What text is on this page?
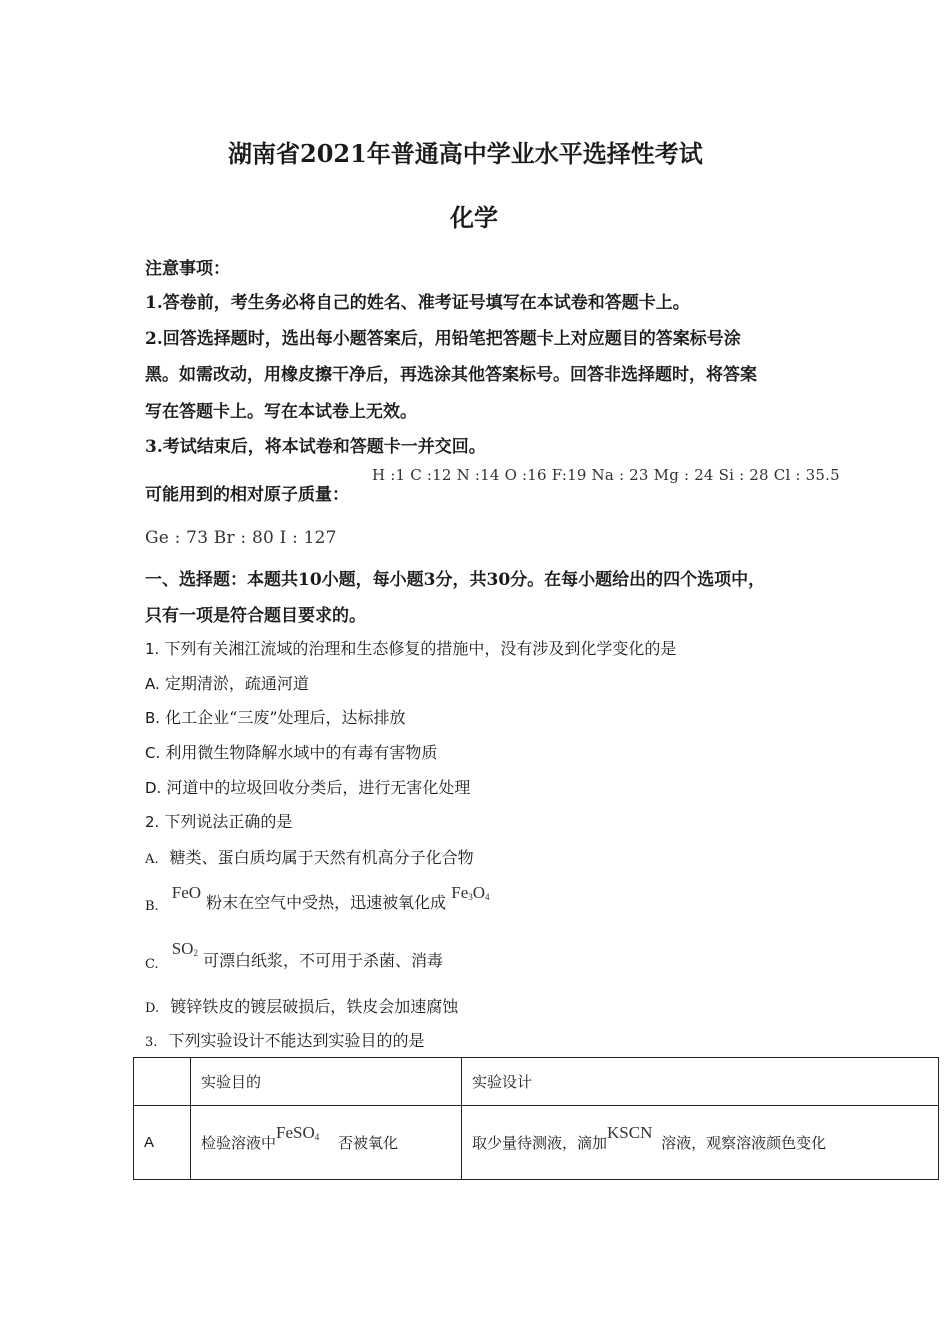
湖南省2021年普通高中学业水平选择性考试
化学
注意事项：
1.答卷前，考生务必将自己的姓名、准考证号填写在本试卷和答题卡上。
2.回答选择题时，选出每小题答案后，用铅笔把答题卡上对应题目的答案标号涂
黑。如需改动，用橡皮擦干净后，再选涂其他答案标号。回答非选择题时，将答案
写在答题卡上。写在本试卷上无效。
3.考试结束后，将本试卷和答题卡一并交回。
可能用到的相对原子质量：
H :1 C :12 N :14 O :16 F:19 Na : 23 Mg : 24 Si : 28 Cl : 35.5
Ge : 73 Br : 80 I : 127
一、选择题：本题共10小题，每小题3分，共30分。在每小题给出的四个选项中，
只有一项是符合题目要求的。
1. 下列有关湘江流域的治理和生态修复的措施中，没有涉及到化学变化的是
A. 定期清淤，疏通河道
B. 化工企业“三废”处理后，达标排放
C. 利用微生物降解水域中的有毒有害物质
D. 河道中的垃圾回收分类后，进行无害化处理
2. 下列说法正确的是
A. 糖类、蛋白质均属于天然有机高分子化合物
$_{B.}$ FeO 粉末在空气中受热，迅速被氧化成 $Fe_3O_4$
$_{C.}$ $SO_2$ 可漂白纸浆，不可用于杀菌、消毒
D. 镀锌铁皮的镀层破损后，铁皮会加速腐蚀
3. 下列实验设计不能达到实验目的的是
	实验目的	实验设计
A	检验溶液中FeSO$_4$ 否被氧化	取少量待测液，滴加KSCN 溶液，观察溶液颜色变化
